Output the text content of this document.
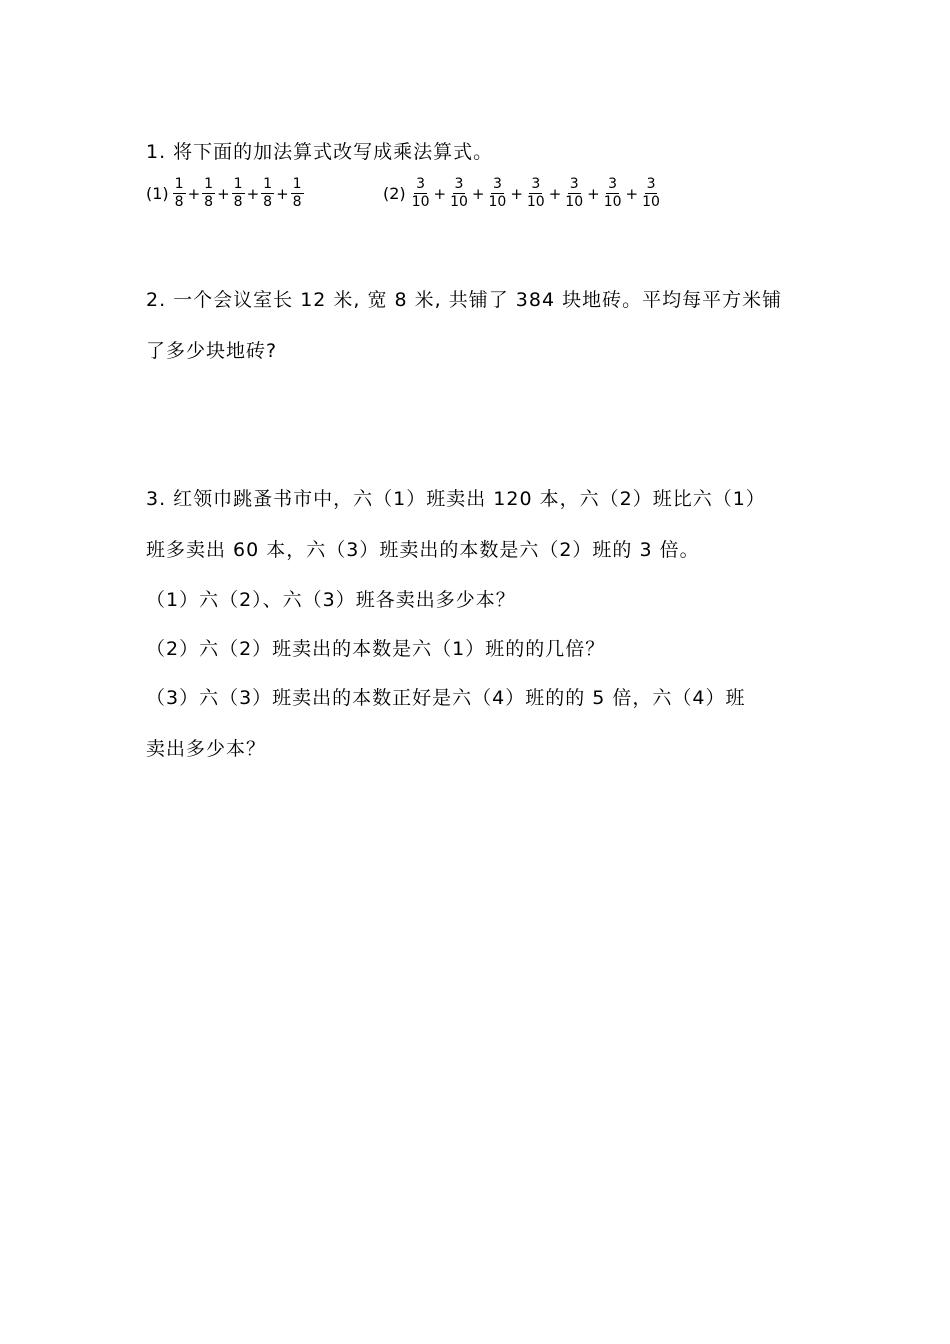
1. 将下面的加法算式改写成乘法算式。
$(1) \frac{1}{8} + \frac{1}{8} + \frac{1}{8} + \frac{1}{8} + \frac{1}{8}$	$(2) \frac{3}{10} + \frac{3}{10} + \frac{3}{10} + \frac{3}{10} + \frac{3}{10} + \frac{3}{10} + \frac{3}{10}$
2. 一个会议室长 12 米, 宽 8 米, 共铺了 384 块地砖。平均每平方米铺
了多少块地砖?
3. 红领巾跳蚤书市中，六（1）班卖出 120 本，六（2）班比六（1）
班多卖出 60 本，六（3）班卖出的本数是六（2）班的 3 倍。
（1）六（2）、六（3）班各卖出多少本？
（2）六（2）班卖出的本数是六（1）班的的几倍？
（3）六（3）班卖出的本数正好是六（4）班的的 5 倍，六（4）班
卖出多少本？
